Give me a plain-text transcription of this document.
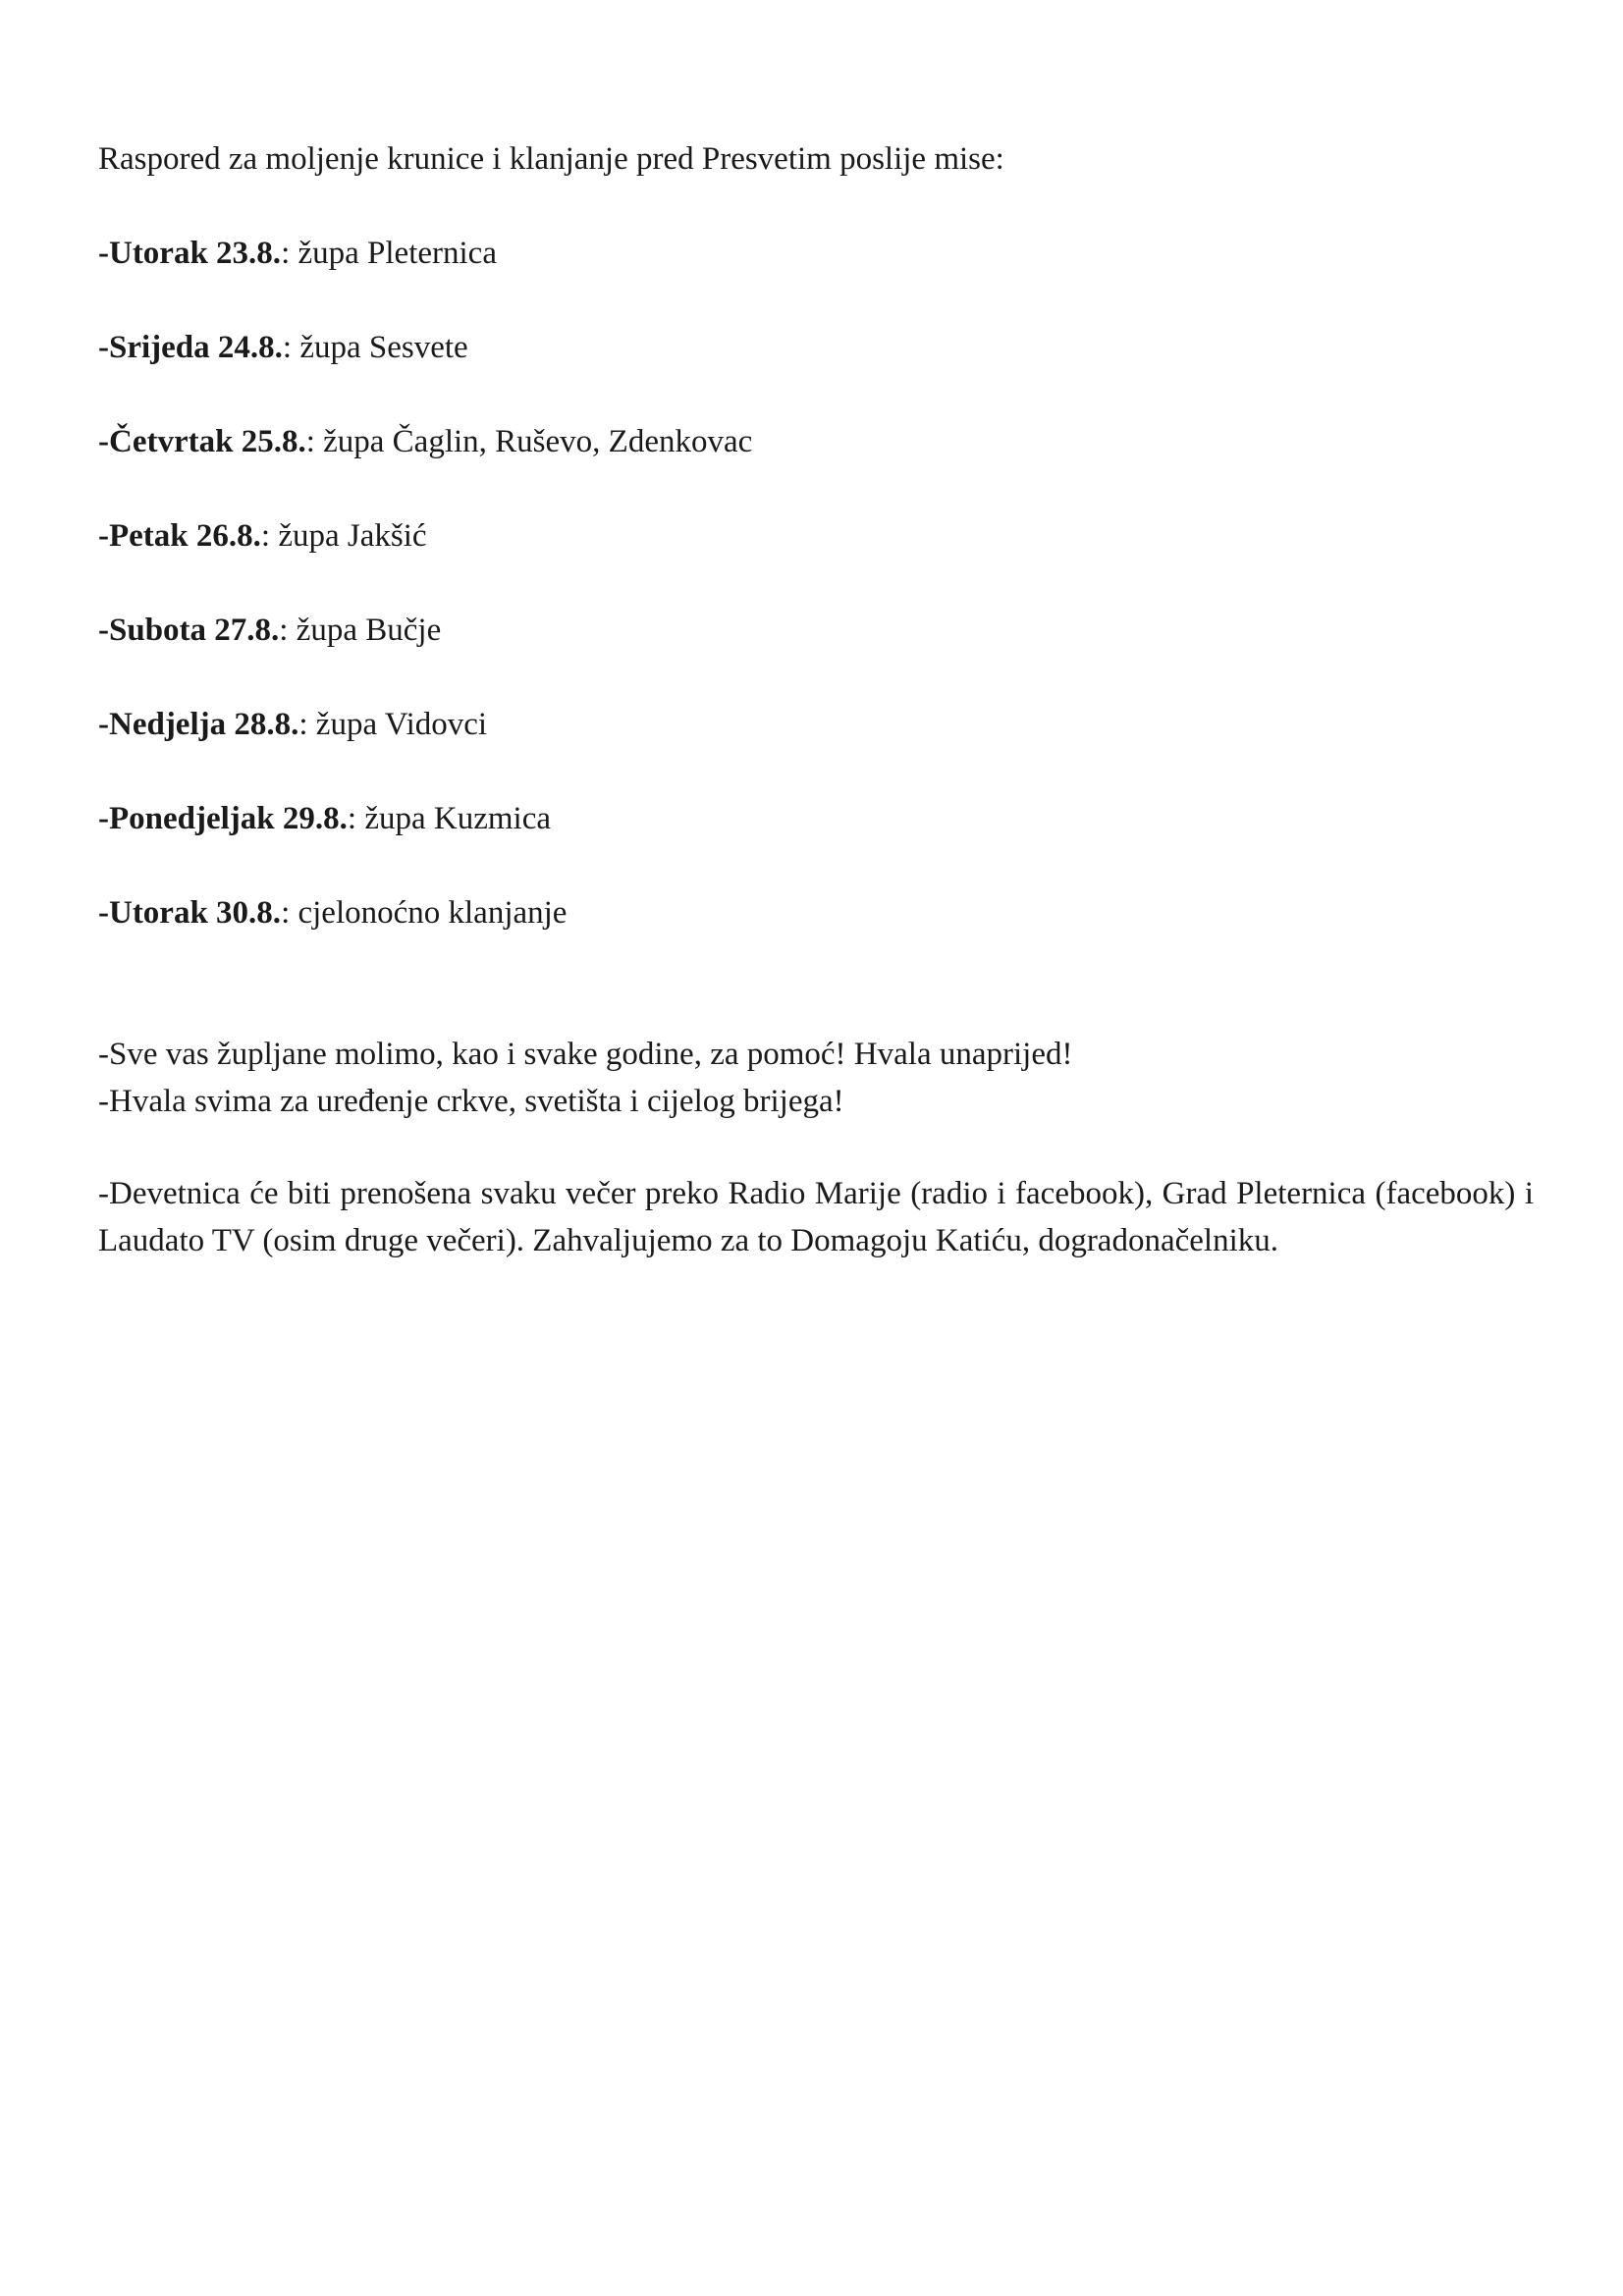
Raspored za moljenje krunice i klanjanje pred Presvetim poslije mise:

-Utorak 23.8.: župa Pleternica
-Srijeda 24.8.: župa Sesvete
-Četvrtak 25.8.: župa Čaglin, Ruševo, Zdenkovac
-Petak 26.8.: župa Jakšić
-Subota 27.8.: župa Bučje
-Nedjelja 28.8.: župa Vidovci
-Ponedjeljak 29.8.: župa Kuzmica
-Utorak 30.8.: cjelonoćno klanjanje

-Sve vas župljane molimo, kao i svake godine, za pomoć! Hvala unaprijed!

-Hvala svima za uređenje crkve, svetišta i cijelog brijega!

-Devetnica će biti prenošena svaku večer preko Radio Marije (radio i facebook), Grad Pleternica (facebook) i Laudato TV (osim druge večeri). Zahvaljujemo za to Domagoju Katiću, dogradonačelniku.
